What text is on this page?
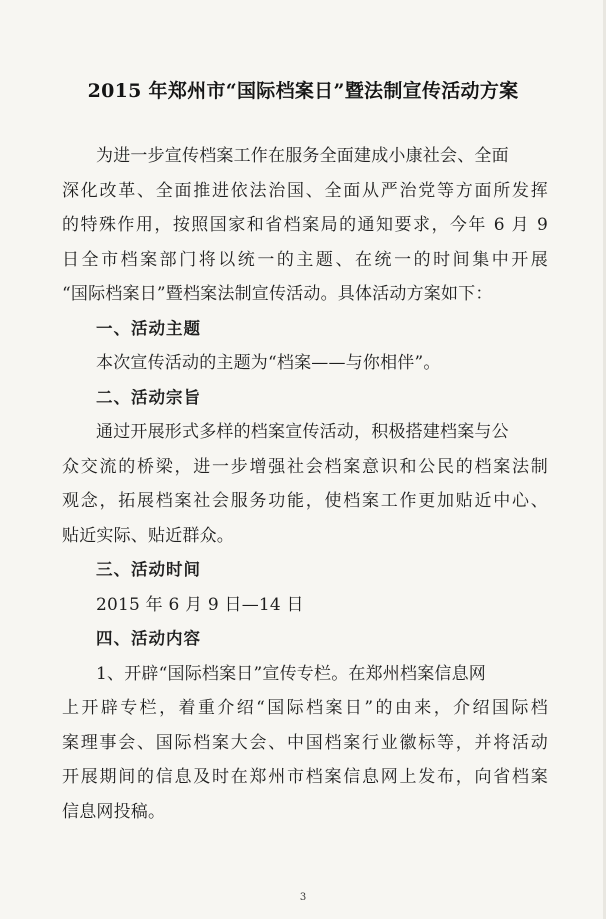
2015 年郑州市“国际档案日”暨法制宣传活动方案
为进一步宣传档案工作在服务全面建成小康社会、全面
深化改革、全面推进依法治国、全面从严治党等方面所发挥
的特殊作用，按照国家和省档案局的通知要求，今年 6 月 9
日全市档案部门将以统一的主题、在统一的时间集中开展
“国际档案日”暨档案法制宣传活动。具体活动方案如下：
一、活动主题
本次宣传活动的主题为“档案——与你相伴”。
二、活动宗旨
通过开展形式多样的档案宣传活动，积极搭建档案与公
众交流的桥梁，进一步增强社会档案意识和公民的档案法制
观念，拓展档案社会服务功能，使档案工作更加贴近中心、
贴近实际、贴近群众。
三、活动时间
2015 年 6 月 9 日—14 日
四、活动内容
1、开辟“国际档案日”宣传专栏。在郑州档案信息网
上开辟专栏，着重介绍“国际档案日”的由来，介绍国际档
案理事会、国际档案大会、中国档案行业徽标等，并将活动
开展期间的信息及时在郑州市档案信息网上发布，向省档案
信息网投稿。
3
